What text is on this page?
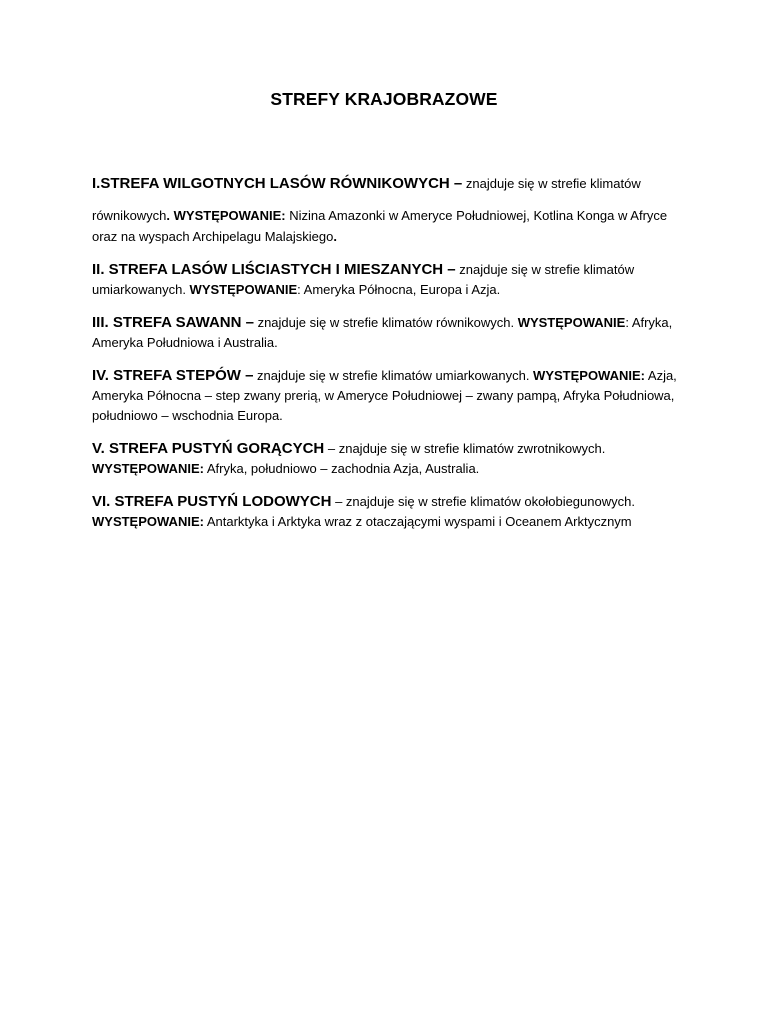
STREFY KRAJOBRAZOWE

I.STREFA WILGOTNYCH LASÓW RÓWNIKOWYCH – znajduje się w strefie klimatów
równikowych. WYSTĘPOWANIE: Nizina Amazonki w Ameryce Południowej, Kotlina Konga w Afryce oraz na wyspach Archipelagu Malajskiego.

II. STREFA LASÓW LIŚCIASTYCH I MIESZANYCH – znajduje się w strefie klimatów umiarkowanych. WYSTĘPOWANIE: Ameryka Północna, Europa i Azja.

III. STREFA SAWANN – znajduje się w strefie klimatów równikowych. WYSTĘPOWANIE: Afryka, Ameryka Południowa i Australia.

IV. STREFA STEPÓW – znajduje się w strefie klimatów umiarkowanych. WYSTĘPOWANIE: Azja, Ameryka Północna – step zwany prerią, w Ameryce Południowej – zwany pampą, Afryka Południowa, południowo – wschodnia Europa.

V. STREFA PUSTYŃ GORĄCYCH – znajduje się w strefie klimatów zwrotnikowych. WYSTĘPOWANIE: Afryka, południowo – zachodnia Azja, Australia.

VI. STREFA PUSTYŃ LODOWYCH – znajduje się w strefie klimatów okołobiegunowych. WYSTĘPOWANIE: Antarktyka i Arktyka wraz z otaczającymi wyspami i Oceanem Arktycznym
